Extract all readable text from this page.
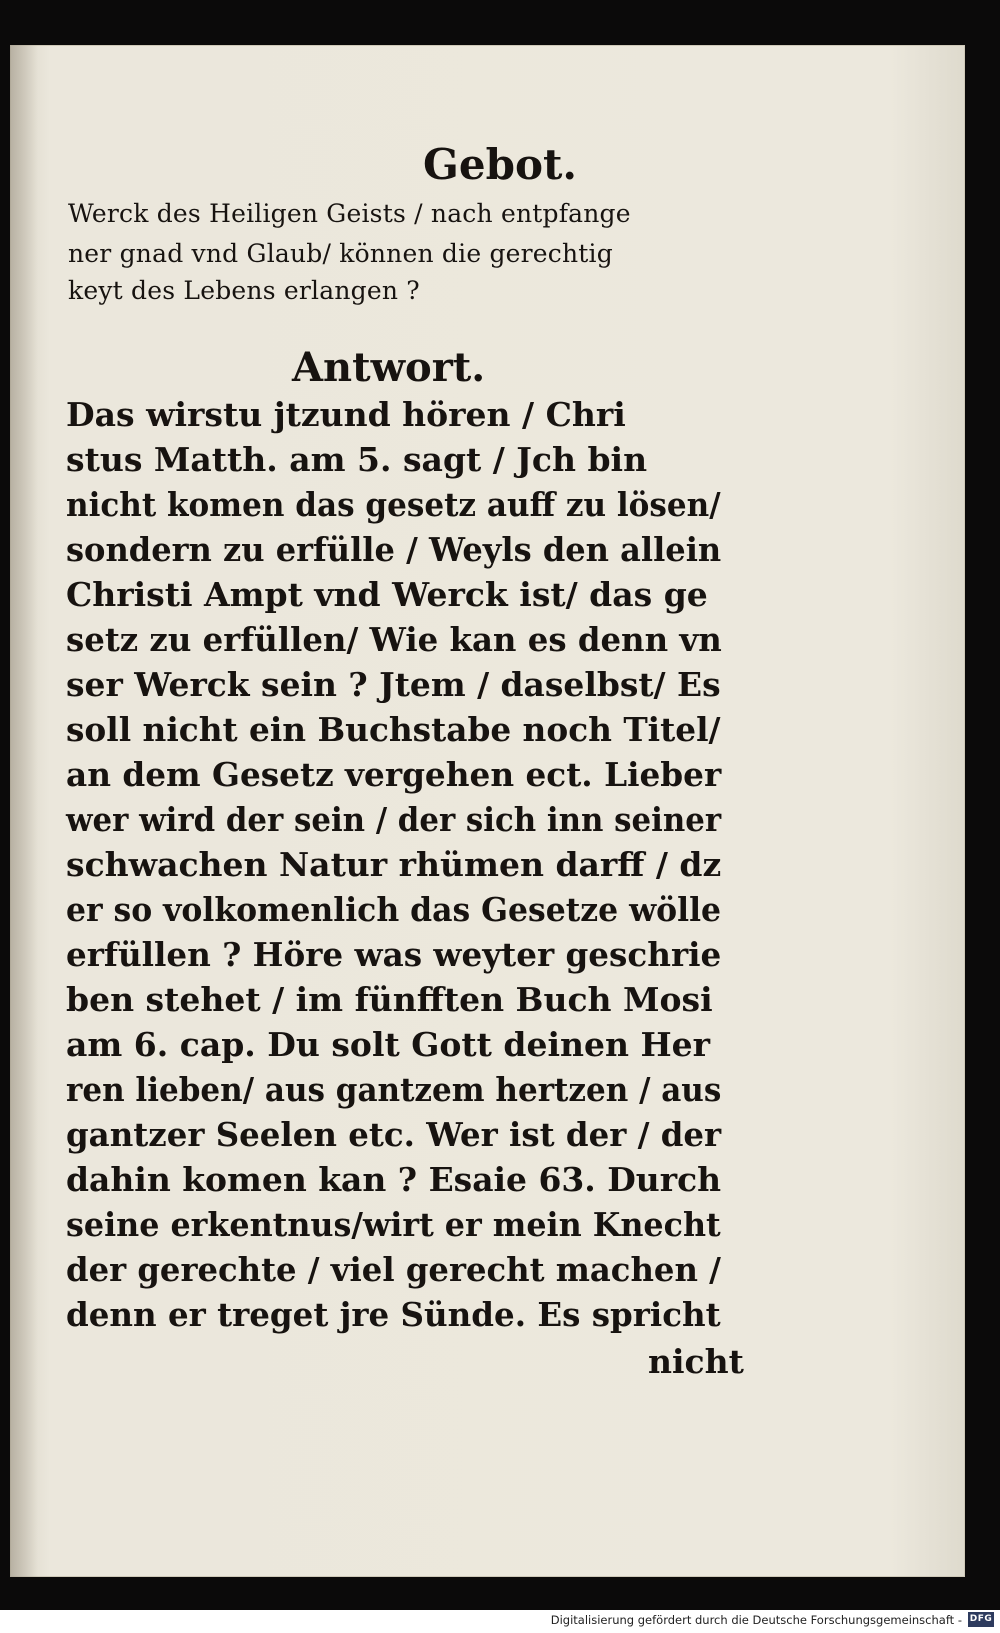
Gebot.

Werck des Heiligen Geists / nach entpfange

ner gnad vnd Glaub/ können die gerechtig

keyt des Lebens erlangen ?

Antwort.

Das wirstu jtzund hören / Chri

stus Matth. am 5. sagt / Jch bin

nicht komen das gesetz auff zu lösen/

sondern zu erfülle / Weyls den allein

Christi Ampt vnd Werck ist/ das ge

setz zu erfüllen/ Wie kan es denn vn

ser Werck sein ? Jtem / daselbst/ Es

soll nicht ein Buchstabe noch Titel/

an dem Gesetz vergehen ect. Lieber

wer wird der sein / der sich inn seiner

schwachen Natur rhümen darff / dz

er so volkomenlich das Gesetze wölle

erfüllen ? Höre was weyter geschrie

ben stehet / im fünfften Buch Mosi

am 6. cap. Du solt Gott deinen Her

ren lieben/ aus gantzem hertzen / aus

gantzer Seelen etc. Wer ist der / der

dahin komen kan ? Esaie 63. Durch

seine erkentnus/wirt er mein Knecht

der gerechte / viel gerecht machen /

denn er treget jre Sünde. Es spricht

nicht

Digitalisierung gefördert durch die Deutsche Forschungsgemeinschaft - DFG
